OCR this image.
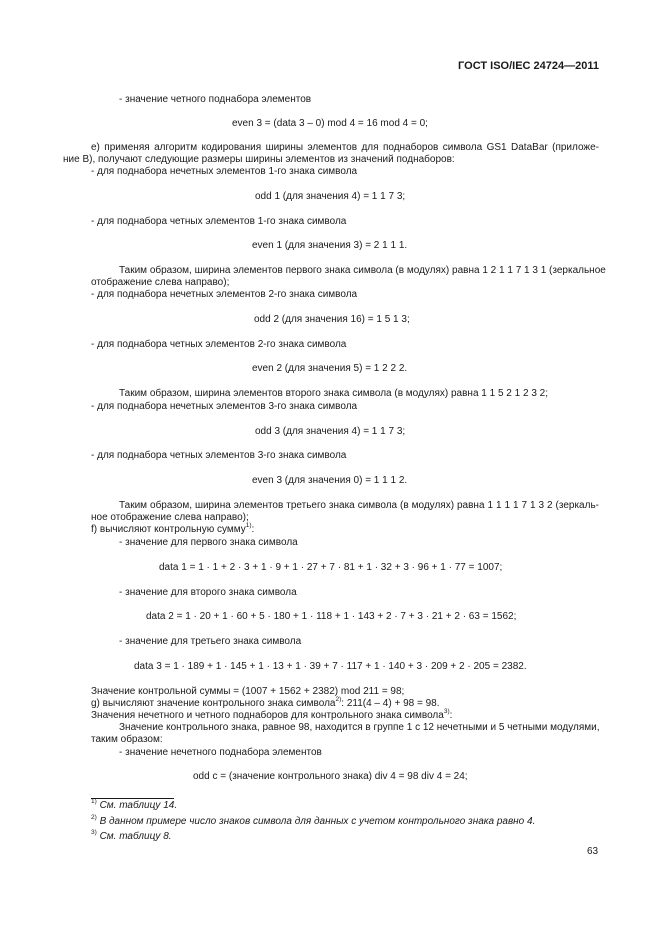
ГОСТ ISO/IEC 24724—2011
- значение четного поднабора элементов
even 3 = (data 3 – 0) mod 4 = 16 mod 4 = 0;
е) применяя алгоритм кодирования ширины элементов для поднаборов символа GS1 DataBar (приложе-
ние В), получают следующие размеры ширины элементов из значений поднаборов:
- для поднабора нечетных элементов 1-го знака символа
odd 1 (для значения 4) = 1 1 7 3;
- для поднабора четных элементов 1-го знака символа
even 1 (для значения 3) = 2 1 1 1.
Таким образом, ширина элементов первого знака символа (в модулях) равна 1 2 1 1 7 1 3 1 (зеркальное
отображение слева направо);
- для поднабора нечетных элементов 2-го знака символа
odd 2 (для значения 16) = 1 5 1 3;
- для поднабора четных элементов 2-го знака символа
even 2 (для значения 5) = 1 2 2 2.
Таким образом, ширина элементов второго знака символа (в модулях) равна 1 1 5 2 1 2 3 2;
- для поднабора нечетных элементов 3-го знака символа
odd 3 (для значения 4) = 1 1 7 3;
- для поднабора четных элементов 3-го знака символа
even 3 (для значения 0) = 1 1 1 2.
Таким образом, ширина элементов третьего знака символа (в модулях) равна 1 1 1 1 7 1 3 2 (зеркаль-
ное отображение слева направо);
f) вычисляют контрольную сумму$^{1)}$:
- значение для первого знака символа
data 1 = 1 · 1 + 2 · 3 + 1 · 9 + 1 · 27 + 7 · 81 + 1 · 32 + 3 · 96 + 1 · 77 = 1007;
- значение для второго знака символа
data 2 = 1 · 20 + 1 · 60 + 5 · 180 + 1 · 118 + 1 · 143 + 2 · 7 + 3 · 21 + 2 · 63 = 1562;
- значение для третьего знака символа
data 3 = 1 · 189 + 1 · 145 + 1 · 13 + 1 · 39 + 7 · 117 + 1 · 140 + 3 · 209 + 2 · 205 = 2382.
Значение контрольной суммы = (1007 + 1562 + 2382) mod 211 = 98;
g) вычисляют значение контрольного знака символа$^{2)}$: 211(4 – 4) + 98 = 98.
Значения нечетного и четного поднаборов для контрольного знака символа$^{3)}$:
Значение контрольного знака, равное 98, находится в группе 1 с 12 нечетными и 5 четными модулями,
таким образом:
- значение нечетного поднабора элементов
odd c = (значение контрольного знака) div 4 = 98 div 4 = 24;
$^{1)}$ См. таблицу 14.
$^{2)}$ В данном примере число знаков символа для данных с учетом контрольного знака равно 4.
$^{3)}$ См. таблицу 8.
63
